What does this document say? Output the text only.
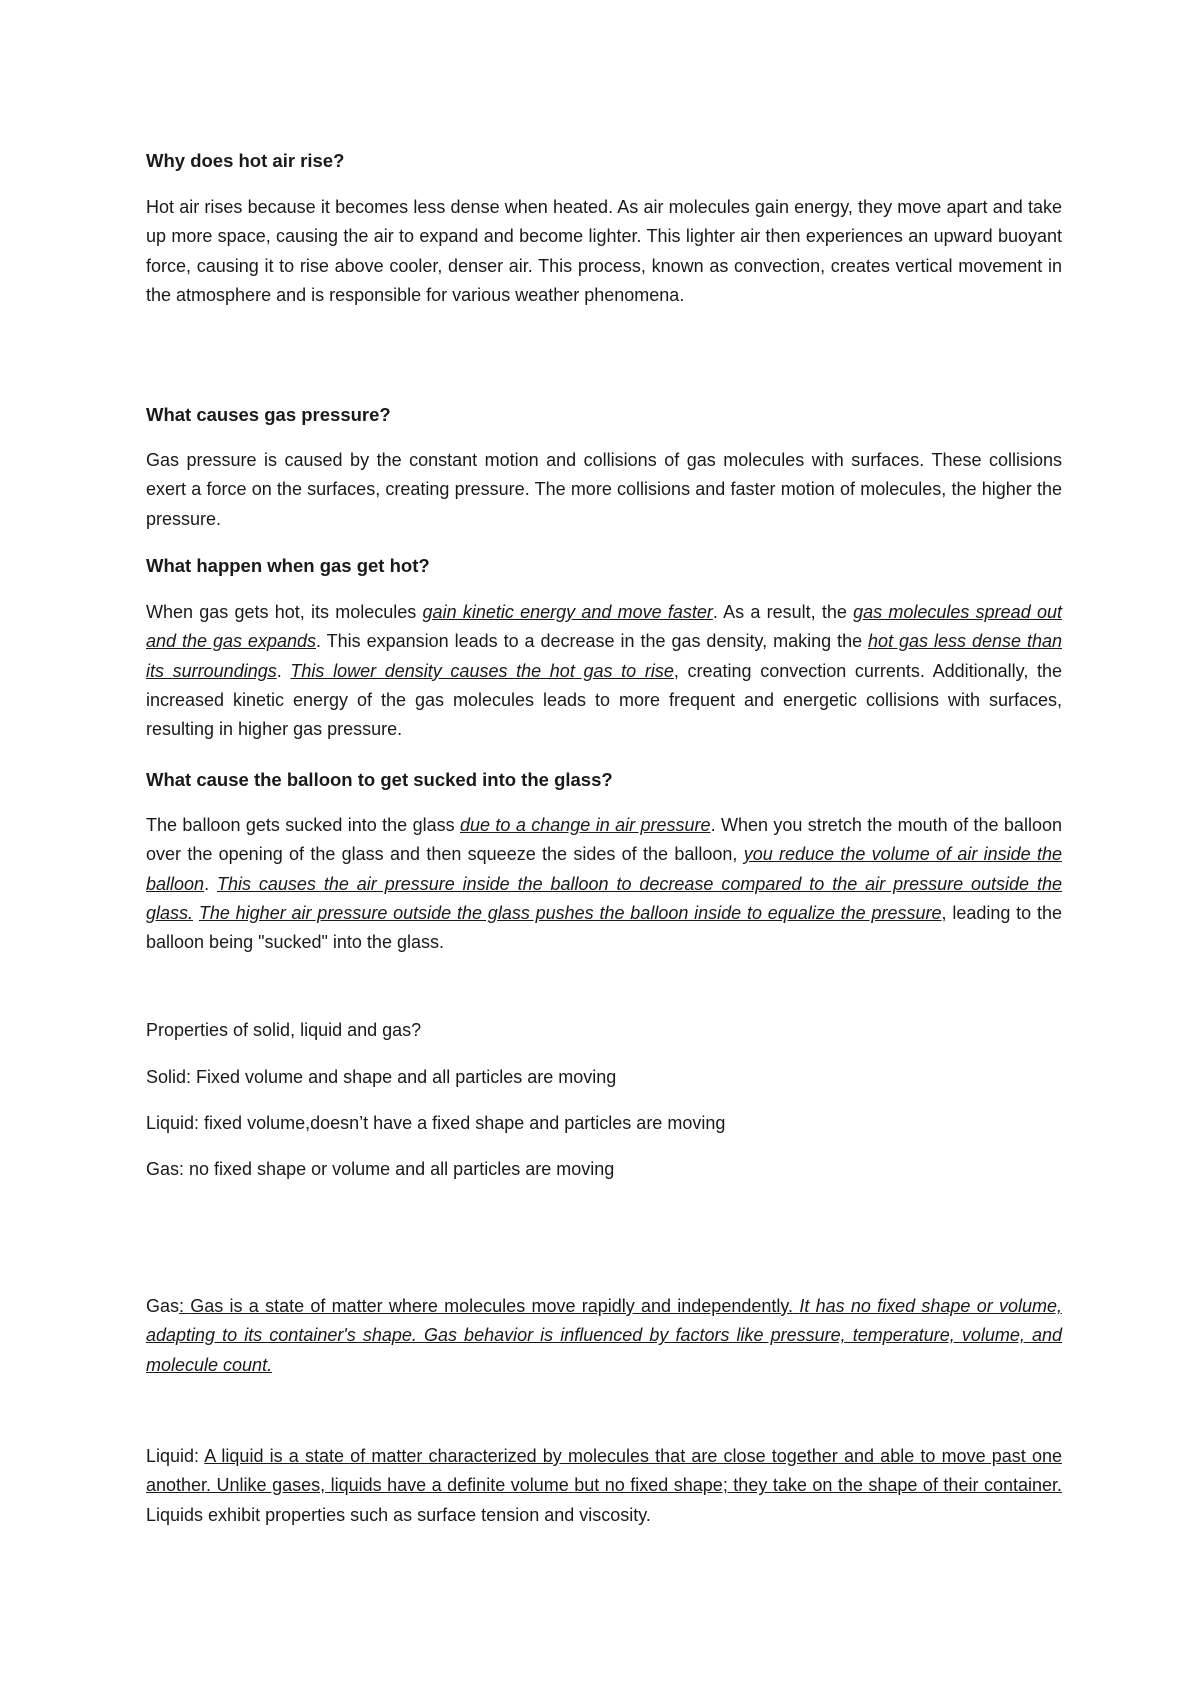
Why does hot air rise?

Hot air rises because it becomes less dense when heated. As air molecules gain energy, they move apart and take up more space, causing the air to expand and become lighter. This lighter air then experiences an upward buoyant force, causing it to rise above cooler, denser air. This process, known as convection, creates vertical movement in the atmosphere and is responsible for various weather phenomena.

What causes gas pressure?

Gas pressure is caused by the constant motion and collisions of gas molecules with surfaces. These collisions exert a force on the surfaces, creating pressure. The more collisions and faster motion of molecules, the higher the pressure.

What happen when gas get hot?

When gas gets hot, its molecules gain kinetic energy and move faster. As a result, the gas molecules spread out and the gas expands. This expansion leads to a decrease in the gas density, making the hot gas less dense than its surroundings. This lower density causes the hot gas to rise, creating convection currents. Additionally, the increased kinetic energy of the gas molecules leads to more frequent and energetic collisions with surfaces, resulting in higher gas pressure.

What cause the balloon to get sucked into the glass?

The balloon gets sucked into the glass due to a change in air pressure. When you stretch the mouth of the balloon over the opening of the glass and then squeeze the sides of the balloon, you reduce the volume of air inside the balloon. This causes the air pressure inside the balloon to decrease compared to the air pressure outside the glass. The higher air pressure outside the glass pushes the balloon inside to equalize the pressure, leading to the balloon being "sucked" into the glass.

Properties of solid, liquid and gas?

Solid: Fixed volume and shape and all particles are moving

Liquid: fixed volume,doesn’t have a fixed shape and particles are moving

Gas: no fixed shape or volume and all particles are moving

Gas: Gas is a state of matter where molecules move rapidly and independently. It has no fixed shape or volume, adapting to its container's shape. Gas behavior is influenced by factors like pressure, temperature, volume, and molecule count.

Liquid: A liquid is a state of matter characterized by molecules that are close together and able to move past one another. Unlike gases, liquids have a definite volume but no fixed shape; they take on the shape of their container. Liquids exhibit properties such as surface tension and viscosity.
